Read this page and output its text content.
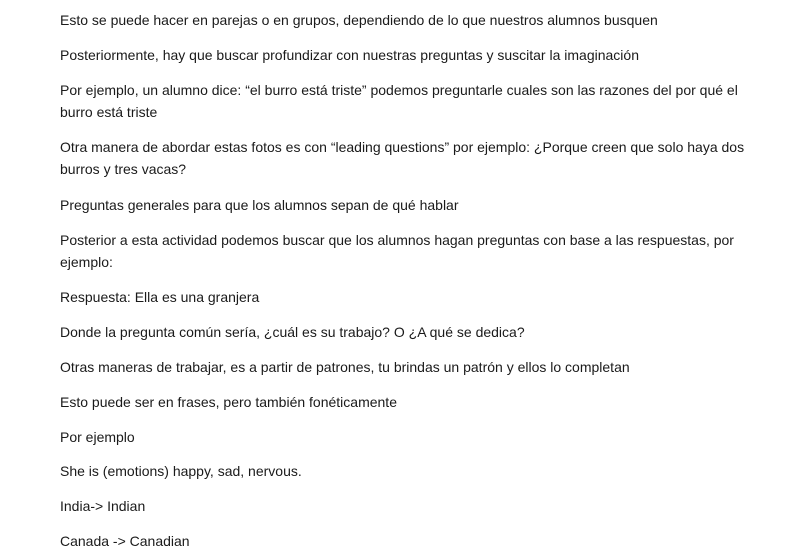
Esto se puede hacer en parejas o en grupos, dependiendo de lo que nuestros alumnos busquen

Posteriormente, hay que buscar profundizar con nuestras preguntas y suscitar la imaginación

Por ejemplo, un alumno dice: “el burro está triste” podemos preguntarle cuales son las razones del por qué el burro está triste

Otra manera de abordar estas fotos es con “leading questions” por ejemplo: ¿Porque creen que solo haya dos burros y tres vacas?

Preguntas generales para que los alumnos sepan de qué hablar

Posterior a esta actividad podemos buscar que los alumnos hagan preguntas con base a las respuestas, por ejemplo:

Respuesta: Ella es una granjera

Donde la pregunta común sería, ¿cuál es su trabajo? O ¿A qué se dedica?

Otras maneras de trabajar, es a partir de patrones, tu brindas un patrón y ellos lo completan

Esto puede ser en frases, pero también fonéticamente

Por ejemplo

She is (emotions) happy, sad, nervous.

India-> Indian

Canada -> Canadian
